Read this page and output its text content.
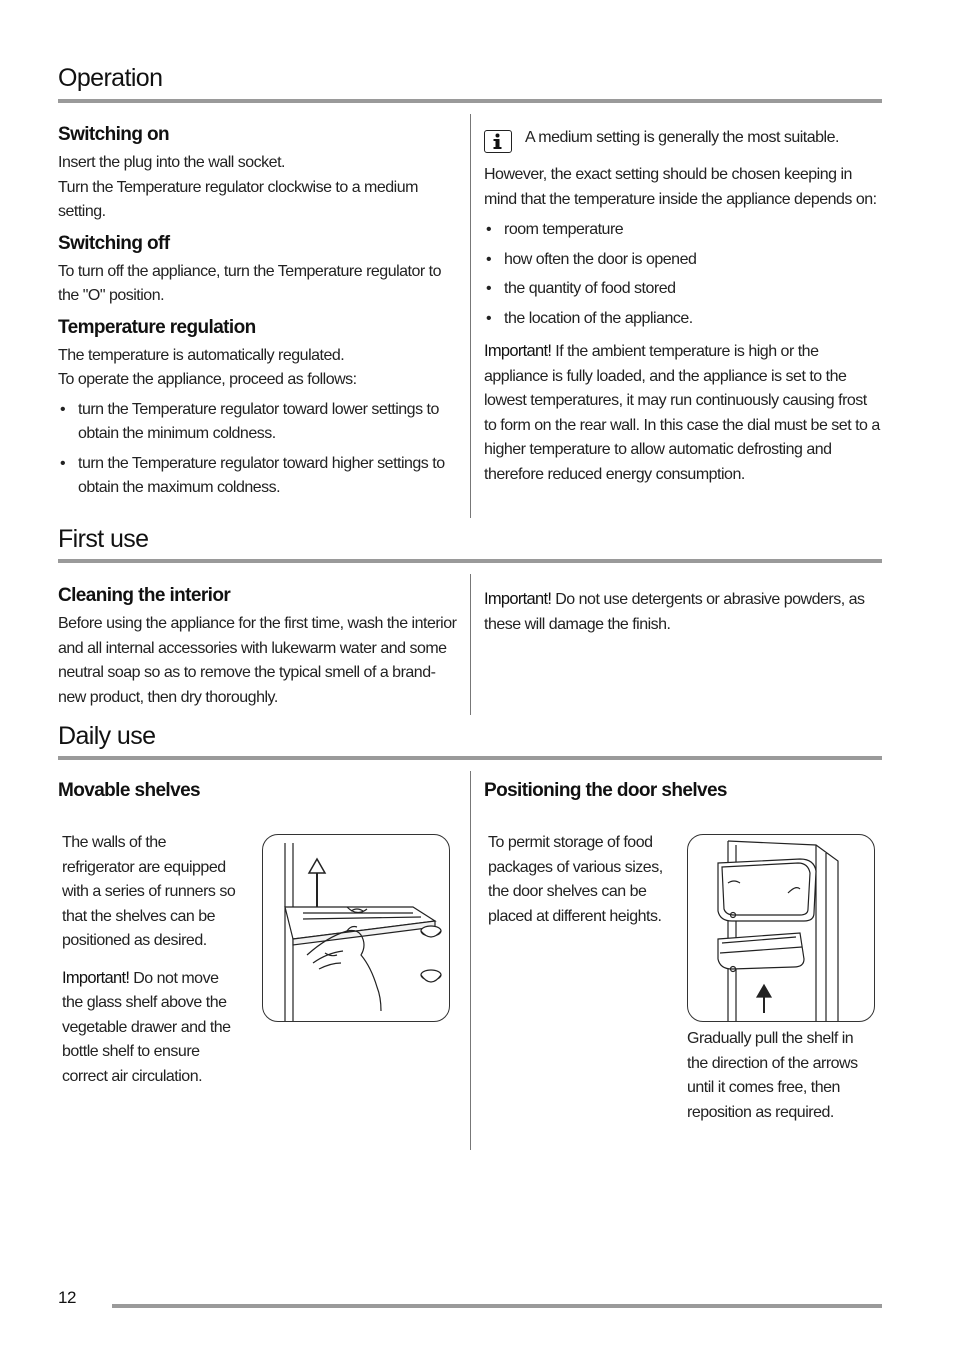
Operation
Switching on

Insert the plug into the wall socket.

Turn the Temperature regulator clockwise to a medium setting.

Switching off

To turn off the appliance, turn the Temperature regulator to the "O" position.

Temperature regulation

The temperature is automatically regulated.

To operate the appliance, proceed as follows:

• turn the Temperature regulator toward lower settings to obtain the minimum coldness.
• turn the Temperature regulator toward higher settings to obtain the maximum coldness.

A medium setting is generally the most suitable.

However, the exact setting should be chosen keeping in mind that the temperature inside the appliance depends on:

• room temperature
• how often the door is opened
• the quantity of food stored
• the location of the appliance.

Important! If the ambient temperature is high or the appliance is fully loaded, and the appliance is set to the lowest temperatures, it may run continuously causing frost to form on the rear wall. In this case the dial must be set to a higher temperature to allow automatic defrosting and therefore reduced energy consumption.

First use
Cleaning the interior

Before using the appliance for the first time, wash the interior and all internal accessories with lukewarm water and some neutral soap so as to remove the typical smell of a brand-new product, then dry thoroughly.

Important! Do not use detergents or abrasive powders, as these will damage the finish.

Daily use
Movable shelves

The walls of the refrigerator are equipped with a series of runners so that the shelves can be positioned as desired.

Important! Do not move the glass shelf above the vegetable drawer and the bottle shelf to ensure correct air circulation.

Positioning the door shelves

To permit storage of food packages of various sizes, the door shelves can be placed at different heights.

Gradually pull the shelf in the direction of the arrows until it comes free, then reposition as required.

12
